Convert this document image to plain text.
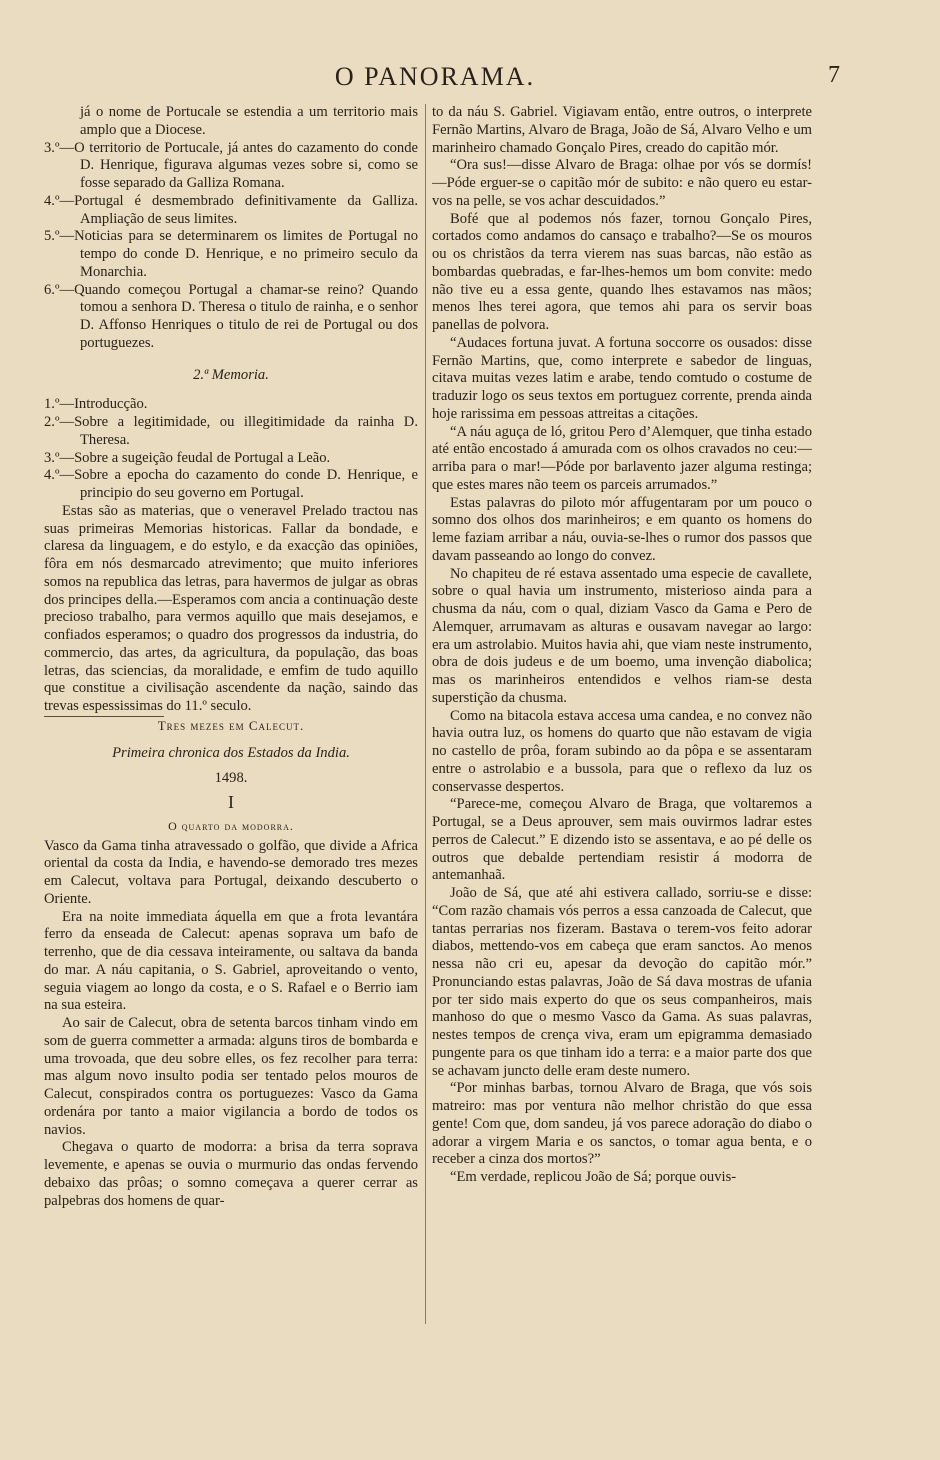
O PANORAMA.	7
já o nome de Portucale se estendia a um territorio mais amplo que a Diocese.
3.º—O territorio de Portucale, já antes do cazamento do conde D. Henrique, figurava algumas vezes sobre si, como se fosse separado da Galliza Romana.
4.º—Portugal é desmembrado definitivamente da Galliza. Ampliação de seus limites.
5.º—Noticias para se determinarem os limites de Portugal no tempo do conde D. Henrique, e no primeiro seculo da Monarchia.
6.º—Quando começou Portugal a chamar-se reino? Quando tomou a senhora D. Theresa o titulo de rainha, e o senhor D. Affonso Henriques o titulo de rei de Portugal ou dos portuguezes.
2.ª Memoria.
1.º—Introducção.
2.º—Sobre a legitimidade, ou illegitimidade da rainha D. Theresa.
3.º—Sobre a sugeição feudal de Portugal a Leão.
4.º—Sobre a epocha do cazamento do conde D. Henrique, e principio do seu governo em Portugal.

Estas são as materias, que o veneravel Prelado tractou nas suas primeiras Memorias historicas. Fallar da bondade, e claresa da linguagem, e do estylo, e da exacção das opiniões, fôra em nós desmarcado atrevimento; que muito inferiores somos na republica das letras, para havermos de julgar as obras dos principes della.—Esperamos com ancia a continuação deste precioso trabalho, para vermos aquillo que mais desejamos, e confiados esperamos; o quadro dos progressos da industria, do commercio, das artes, da agricultura, da população, das boas letras, das sciencias, da moralidade, e emfim de tudo aquillo que constitue a civilisação ascendente da nação, saindo das trevas espessissimas do 11.º seculo.

Tres mezes em Calecut.
Primeira chronica dos Estados da India.
1498.
I
O quarto da modorra.

Vasco da Gama tinha atravessado o golfão, que divide a Africa oriental da costa da India, e havendo-se demorado tres mezes em Calecut, voltava para Portugal, deixando descuberto o Oriente.

Era na noite immediata áquella em que a frota levantára ferro da enseada de Calecut: apenas soprava um bafo de terrenho, que de dia cessava inteiramente, ou saltava da banda do mar. A náu capitania, o S. Gabriel, aproveitando o vento, seguia viagem ao longo da costa, e o S. Rafael e o Berrio iam na sua esteira.

Ao sair de Calecut, obra de setenta barcos tinham vindo em som de guerra commetter a armada: alguns tiros de bombarda e uma trovoada, que deu sobre elles, os fez recolher para terra: mas algum novo insulto podia ser tentado pelos mouros de Calecut, conspirados contra os portuguezes: Vasco da Gama ordenára por tanto a maior vigilancia a bordo de todos os navios.

Chegava o quarto de modorra: a brisa da terra soprava levemente, e apenas se ouvia o murmurio das ondas fervendo debaixo das prôas; o somno começava a querer cerrar as palpebras dos homens de quar-

to da náu S. Gabriel. Vigiavam então, entre outros, o interprete Fernão Martins, Alvaro de Braga, João de Sá, Alvaro Velho e um marinheiro chamado Gonçalo Pires, creado do capitão mór.

“Ora sus!—disse Alvaro de Braga: olhae por vós se dormís!—Póde erguer-se o capitão mór de subito: e não quero eu estar-vos na pelle, se vos achar descuidados.”

Bofé que al podemos nós fazer, tornou Gonçalo Pires, cortados como andamos do cansaço e trabalho?—Se os mouros ou os christãos da terra vierem nas suas barcas, não estão as bombardas quebradas, e far-lhes-hemos um bom convite: medo não tive eu a essa gente, quando lhes estavamos nas mãos; menos lhes terei agora, que temos ahi para os servir boas panellas de polvora.

“Audaces fortuna juvat. A fortuna soccorre os ousados: disse Fernão Martins, que, como interprete e sabedor de linguas, citava muitas vezes latim e arabe, tendo comtudo o costume de traduzir logo os seus textos em portuguez corrente, prenda ainda hoje rarissima em pessoas attreitas a citações.

“A náu aguça de ló, gritou Pero d’Alemquer, que tinha estado até então encostado á amurada com os olhos cravados no ceu:—arriba para o mar!—Póde por barlavento jazer alguma restinga; que estes mares não teem os parceis arrumados.”

Estas palavras do piloto mór affugentaram por um pouco o somno dos olhos dos marinheiros; e em quanto os homens do leme faziam arribar a náu, ouvia-se-lhes o rumor dos passos que davam passeando ao longo do convez.

No chapiteu de ré estava assentado uma especie de cavallete, sobre o qual havia um instrumento, misterioso ainda para a chusma da náu, com o qual, diziam Vasco da Gama e Pero de Alemquer, arrumavam as alturas e ousavam navegar ao largo: era um astrolabio. Muitos havia ahi, que viam neste instrumento, obra de dois judeus e de um boemo, uma invenção diabolica; mas os marinheiros entendidos e velhos riam-se desta superstição da chusma.

Como na bitacola estava accesa uma candea, e no convez não havia outra luz, os homens do quarto que não estavam de vigia no castello de prôa, foram subindo ao da pôpa e se assentaram entre o astrolabio e a bussola, para que o reflexo da luz os conservasse despertos.

“Parece-me, começou Alvaro de Braga, que voltaremos a Portugal, se a Deus aprouver, sem mais ouvirmos ladrar estes perros de Calecut.” E dizendo isto se assentava, e ao pé delle os outros que debalde pertendiam resistir á modorra de antemanhaã.

João de Sá, que até ahi estivera callado, sorriu-se e disse: “Com razão chamais vós perros a essa canzoada de Calecut, que tantas perrarias nos fizeram. Bastava o terem-vos feito adorar diabos, mettendo-vos em cabeça que eram sanctos. Ao menos nessa não cri eu, apesar da devoção do capitão mór.” Pronunciando estas palavras, João de Sá dava mostras de ufania por ter sido mais experto do que os seus companheiros, mais manhoso do que o mesmo Vasco da Gama. As suas palavras, nestes tempos de crença viva, eram um epigramma demasiado pungente para os que tinham ido a terra: e a maior parte dos que se achavam juncto delle eram deste numero.

“Por minhas barbas, tornou Alvaro de Braga, que vós sois matreiro: mas por ventura não melhor christão do que essa gente! Com que, dom sandeu, já vos parece adoração do diabo o adorar a virgem Maria e os sanctos, o tomar agua benta, e o receber a cinza dos mortos?”

“Em verdade, replicou João de Sá; porque ouvis-
